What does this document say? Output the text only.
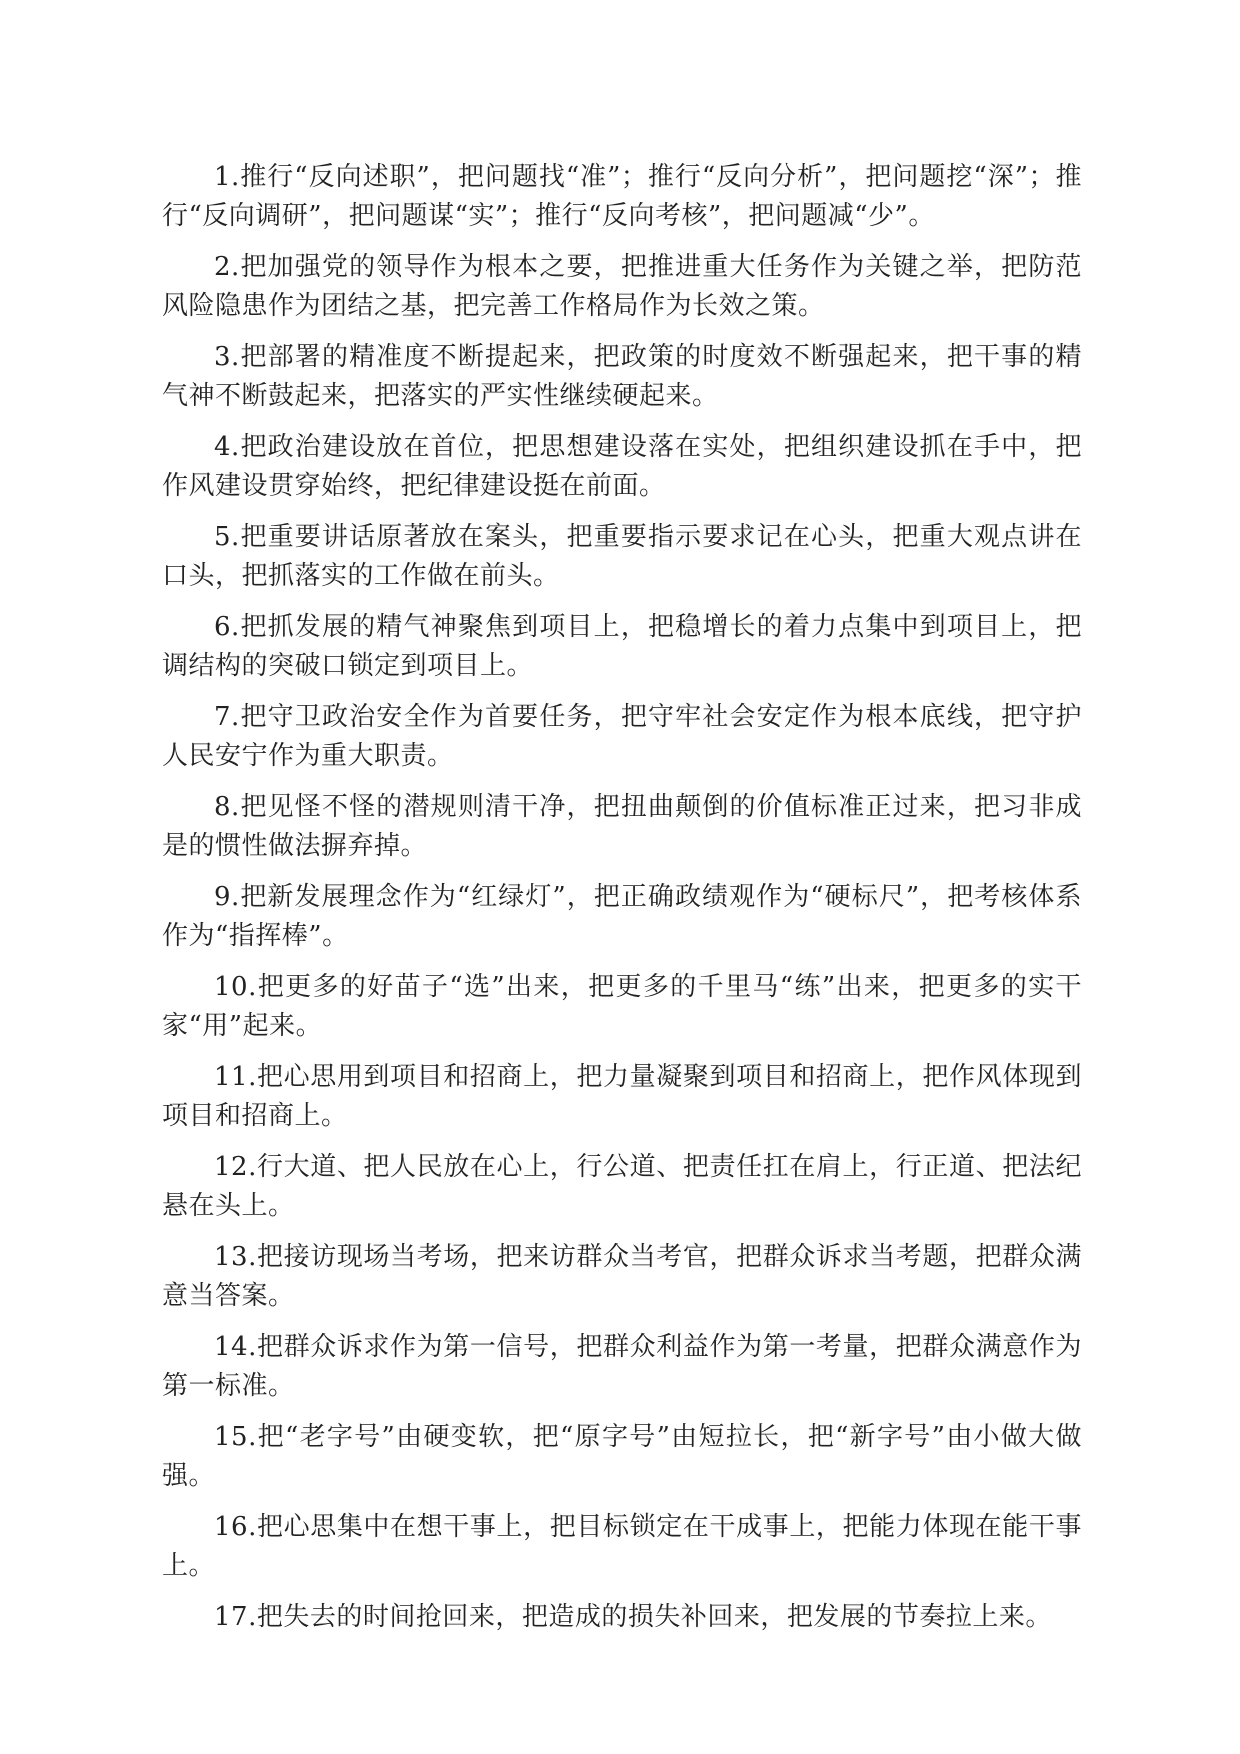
1.推行“反向述职”，把问题找“准”；推行“反向分析”，把问题挖“深”；推行“反向调研”，把问题谋“实”；推行“反向考核”，把问题减“少”。

2.把加强党的领导作为根本之要，把推进重大任务作为关键之举，把防范风险隐患作为团结之基，把完善工作格局作为长效之策。

3.把部署的精准度不断提起来，把政策的时度效不断强起来，把干事的精气神不断鼓起来，把落实的严实性继续硬起来。

4.把政治建设放在首位，把思想建设落在实处，把组织建设抓在手中，把作风建设贯穿始终，把纪律建设挺在前面。

5.把重要讲话原著放在案头，把重要指示要求记在心头，把重大观点讲在口头，把抓落实的工作做在前头。

6.把抓发展的精气神聚焦到项目上，把稳增长的着力点集中到项目上，把调结构的突破口锁定到项目上。

7.把守卫政治安全作为首要任务，把守牢社会安定作为根本底线，把守护人民安宁作为重大职责。

8.把见怪不怪的潜规则清干净，把扭曲颠倒的价值标准正过来，把习非成是的惯性做法摒弃掉。

9.把新发展理念作为“红绿灯”，把正确政绩观作为“硬标尺”，把考核体系作为“指挥棒”。

10.把更多的好苗子“选”出来，把更多的千里马“练”出来，把更多的实干家“用”起来。

11.把心思用到项目和招商上，把力量凝聚到项目和招商上，把作风体现到项目和招商上。

12.行大道、把人民放在心上，行公道、把责任扛在肩上，行正道、把法纪悬在头上。

13.把接访现场当考场，把来访群众当考官，把群众诉求当考题，把群众满意当答案。

14.把群众诉求作为第一信号，把群众利益作为第一考量，把群众满意作为第一标准。

15.把“老字号”由硬变软，把“原字号”由短拉长，把“新字号”由小做大做强。

16.把心思集中在想干事上，把目标锁定在干成事上，把能力体现在能干事上。

17.把失去的时间抢回来，把造成的损失补回来，把发展的节奏拉上来。
